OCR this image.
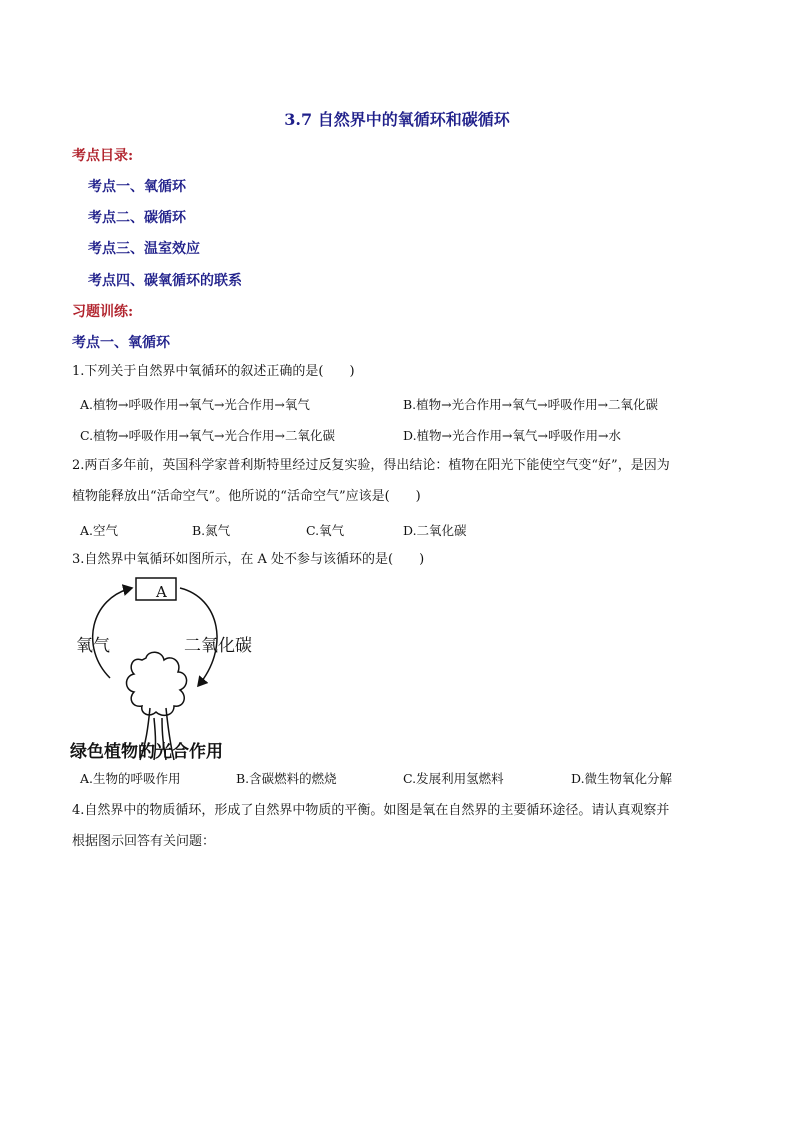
3.7 自然界中的氧循环和碳循环
考点目录:
考点一、氧循环
考点二、碳循环
考点三、温室效应
考点四、碳氧循环的联系
习题训练:
考点一、氧循环
1.下列关于自然界中氧循环的叙述正确的是(　　)
A.植物→呼吸作用→氧气→光合作用→氧气	B.植物→光合作用→氧气→呼吸作用→二氧化碳
C.植物→呼吸作用→氧气→光合作用→二氧化碳	D.植物→光合作用→氧气→呼吸作用→水
2.两百多年前，英国科学家普利斯特里经过反复实验，得出结论：植物在阳光下能使空气变“好”，是因为
植物能释放出“活命空气”。他所说的“活命空气”应该是(　　)
A.空气	B.氮气	C.氧气	D.二氧化碳
3.自然界中氧循环如图所示，在 A 处不参与该循环的是(　　)
A
氧气	二氧化碳
绿色植物的光合作用
A.生物的呼吸作用	B.含碳燃料的燃烧	C.发展利用氢燃料	D.微生物氧化分解
4.自然界中的物质循环，形成了自然界中物质的平衡。如图是氧在自然界的主要循环途径。请认真观察并
根据图示回答有关问题：
